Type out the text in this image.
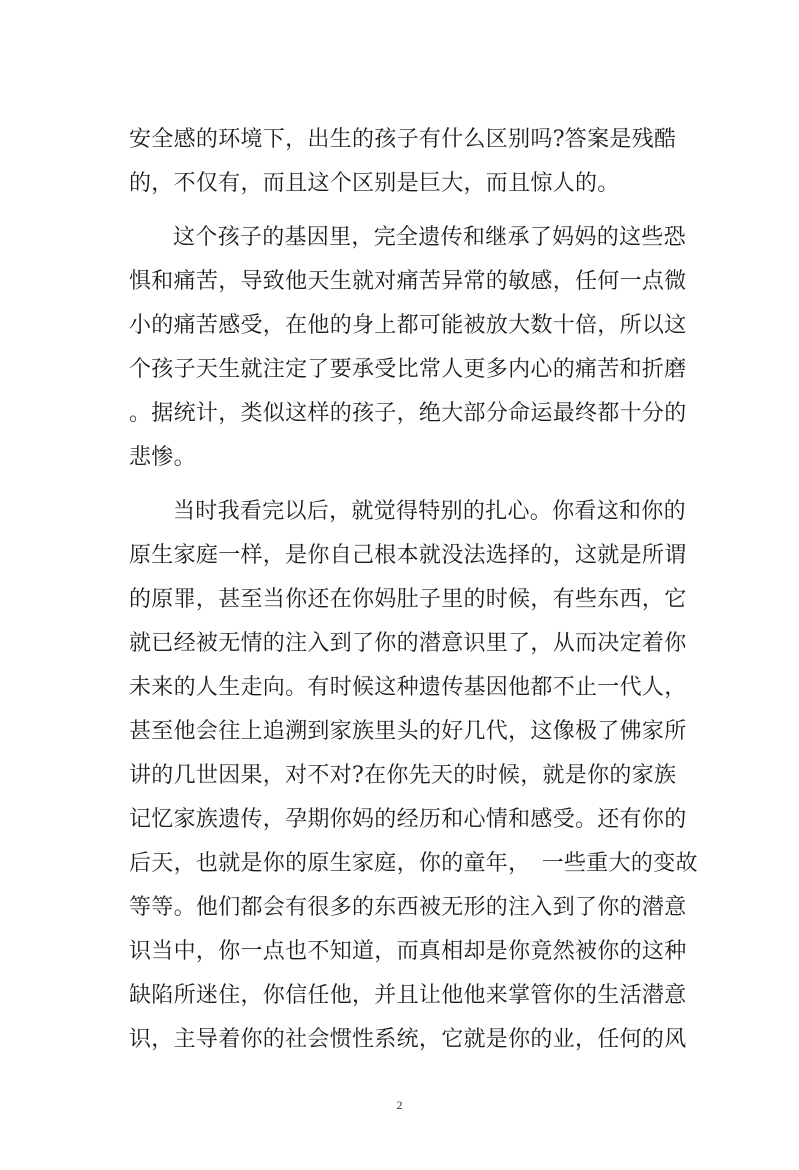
安全感的环境下，出生的孩子有什么区别吗?答案是残酷
的，不仅有，而且这个区别是巨大，而且惊人的。
这个孩子的基因里，完全遗传和继承了妈妈的这些恐
惧和痛苦，导致他天生就对痛苦异常的敏感，任何一点微
小的痛苦感受，在他的身上都可能被放大数十倍，所以这
个孩子天生就注定了要承受比常人更多内心的痛苦和折磨
。据统计，类似这样的孩子，绝大部分命运最终都十分的
悲惨。
当时我看完以后，就觉得特别的扎心。你看这和你的
原生家庭一样，是你自己根本就没法选择的，这就是所谓
的原罪，甚至当你还在你妈肚子里的时候，有些东西，它
就已经被无情的注入到了你的潜意识里了，从而决定着你
未来的人生走向。有时候这种遗传基因他都不止一代人，
甚至他会往上追溯到家族里头的好几代，这像极了佛家所
讲的几世因果，对不对?在你先天的时候，就是你的家族
记忆家族遗传，孕期你妈的经历和心情和感受。还有你的
后天，也就是你的原生家庭，你的童年，　一些重大的变故
等等。他们都会有很多的东西被无形的注入到了你的潜意
识当中，你一点也不知道，而真相却是你竟然被你的这种
缺陷所迷住，你信任他，并且让他他来掌管你的生活潜意
识，主导着你的社会惯性系统，它就是你的业，任何的风
2
